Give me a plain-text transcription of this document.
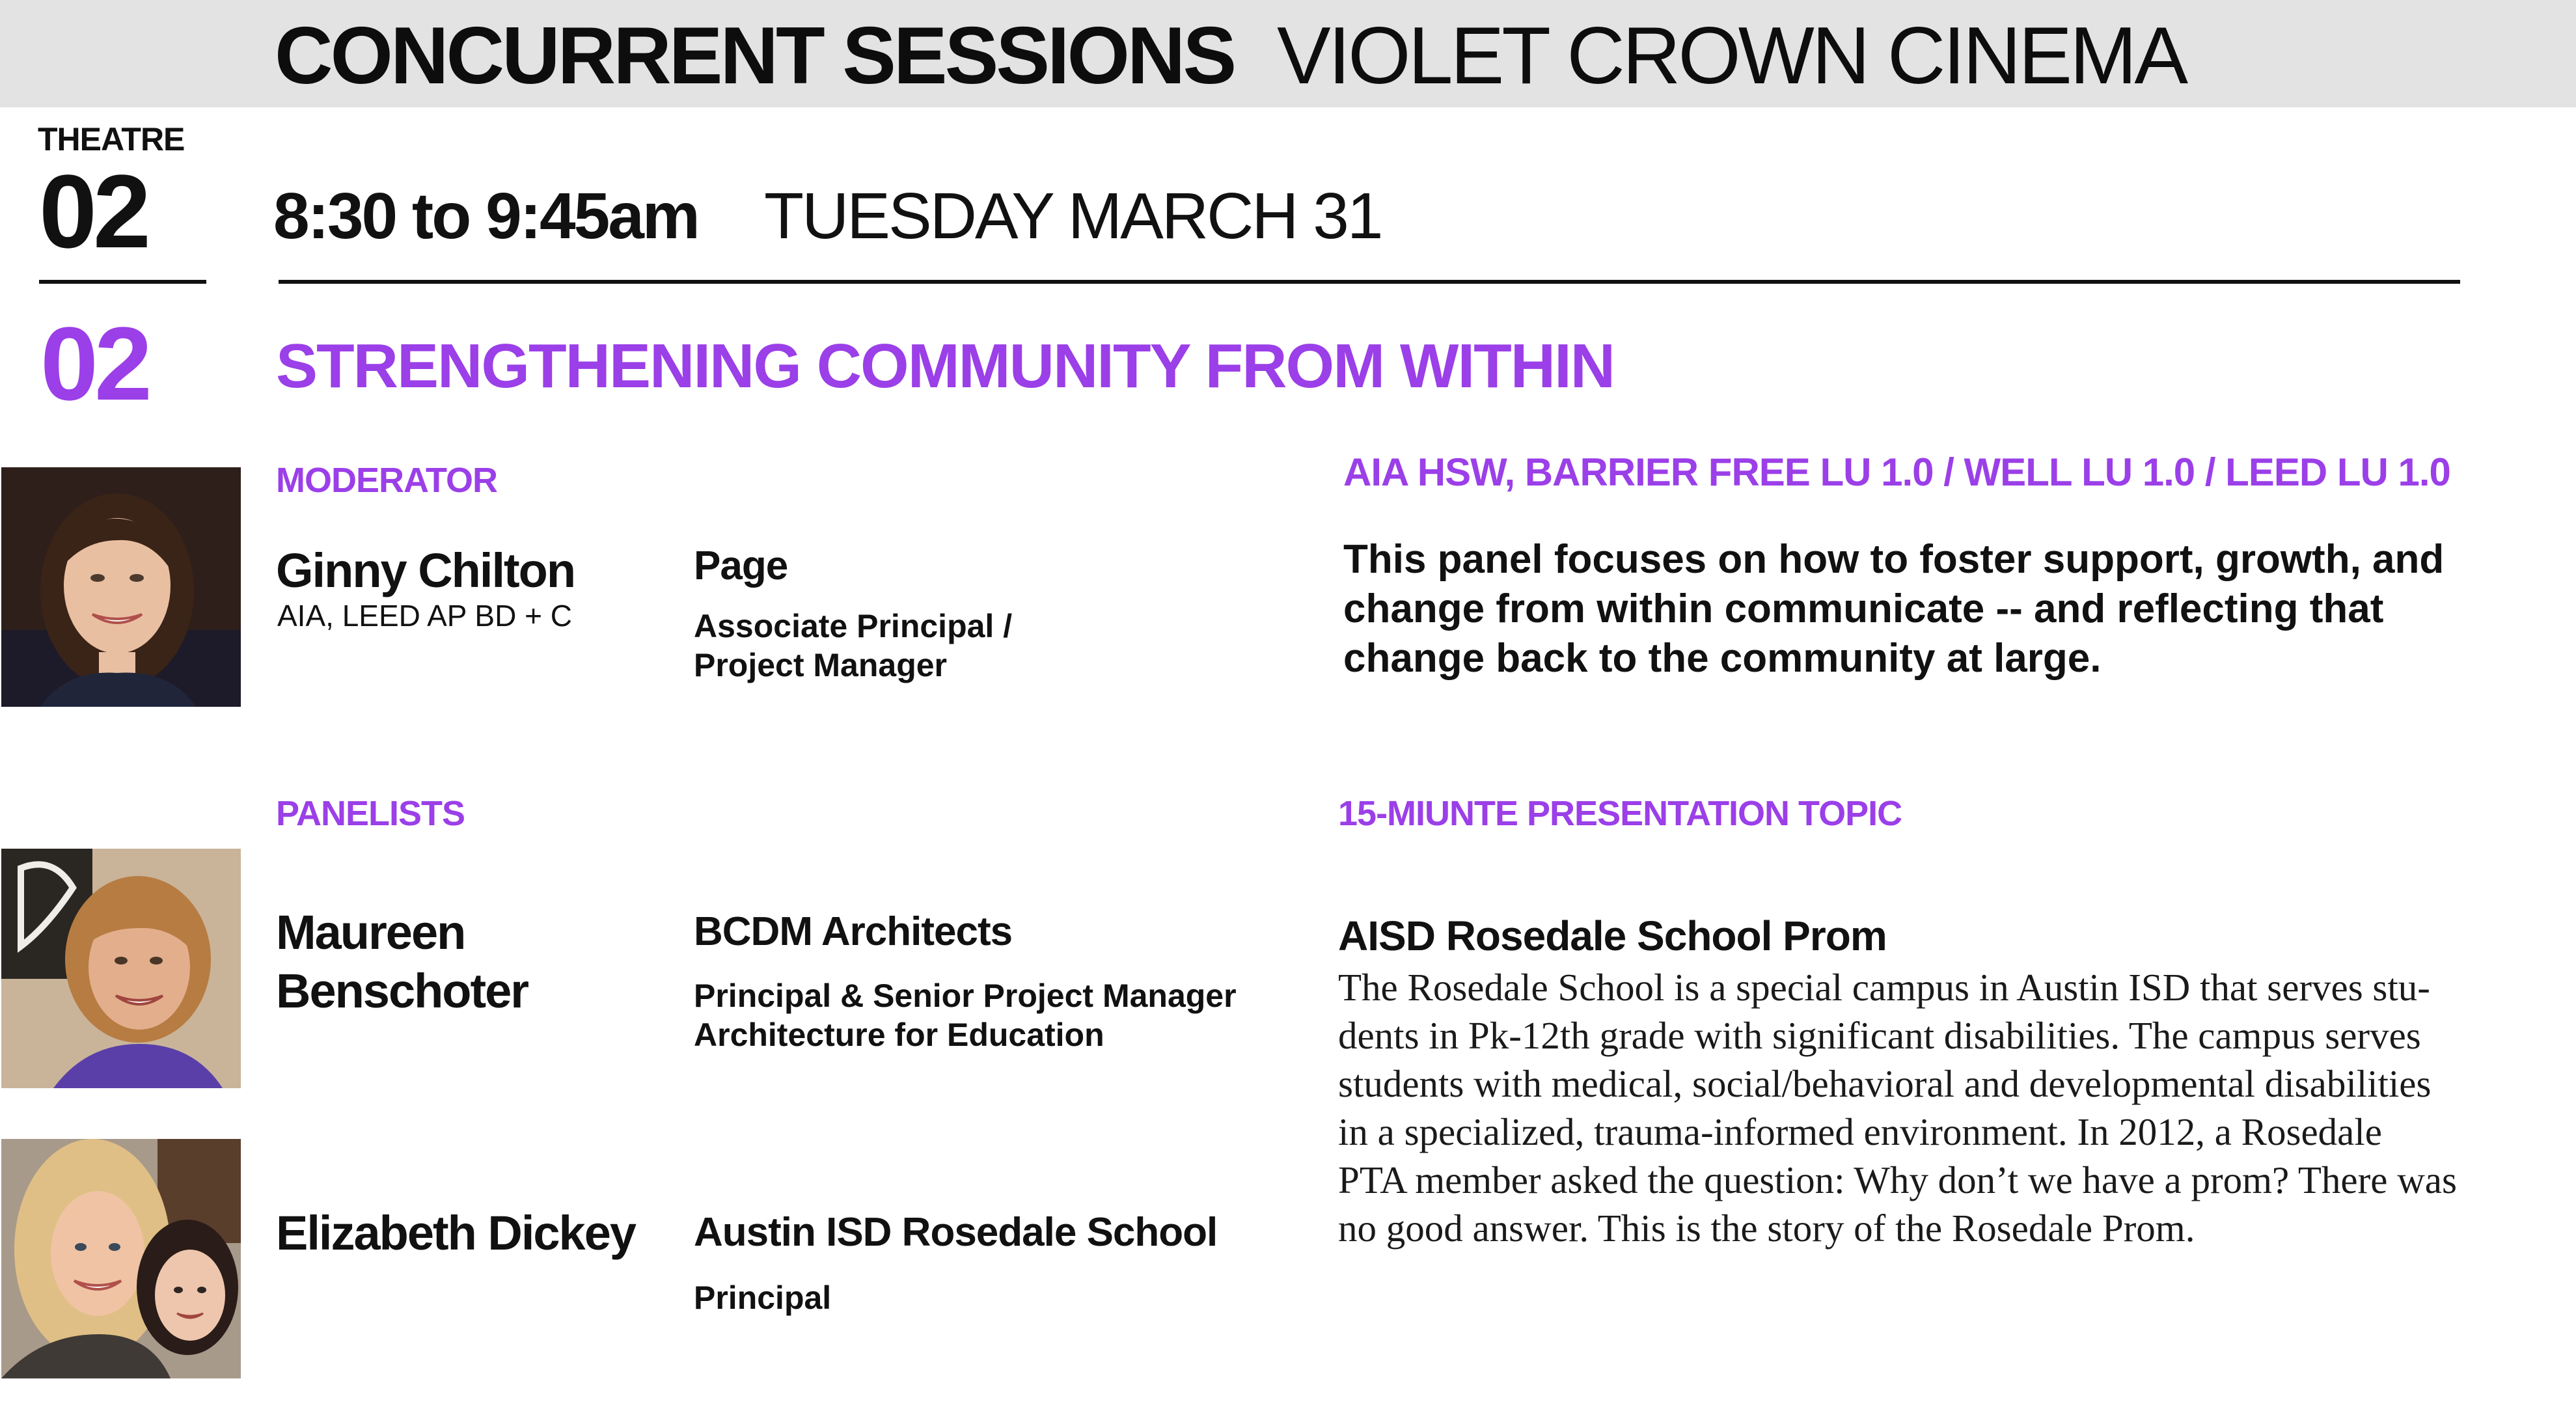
CONCURRENT SESSIONS VIOLET CROWN CINEMA
THEATRE
02 8:30 to 9:45am TUESDAY MARCH 31
02 STRENGTHENING COMMUNITY FROM WITHIN
MODERATOR
Ginny Chilton
AIA, LEED AP BD + C
Page
Associate Principal /
Project Manager
AIA HSW, BARRIER FREE LU 1.0 / WELL LU 1.0 / LEED LU 1.0
This panel focuses on how to foster support, growth, and change from within communicate -- and reflecting that change back to the community at large.
PANELISTS
Maureen
Benschoter
BCDM Architects
Principal & Senior Project Manager
Architecture for Education
Elizabeth Dickey Austin ISD Rosedale School
Principal
15-MIUNTE PRESENTATION TOPIC
AISD Rosedale School Prom
The Rosedale School is a special campus in Austin ISD that serves stu-
dents in Pk-12th grade with significant disabilities. The campus serves
students with medical, social/behavioral and developmental disabilities
in a specialized, trauma-informed environment. In 2012, a Rosedale
PTA member asked the question: Why don’t we have a prom? There was
no good answer. This is the story of the Rosedale Prom.
